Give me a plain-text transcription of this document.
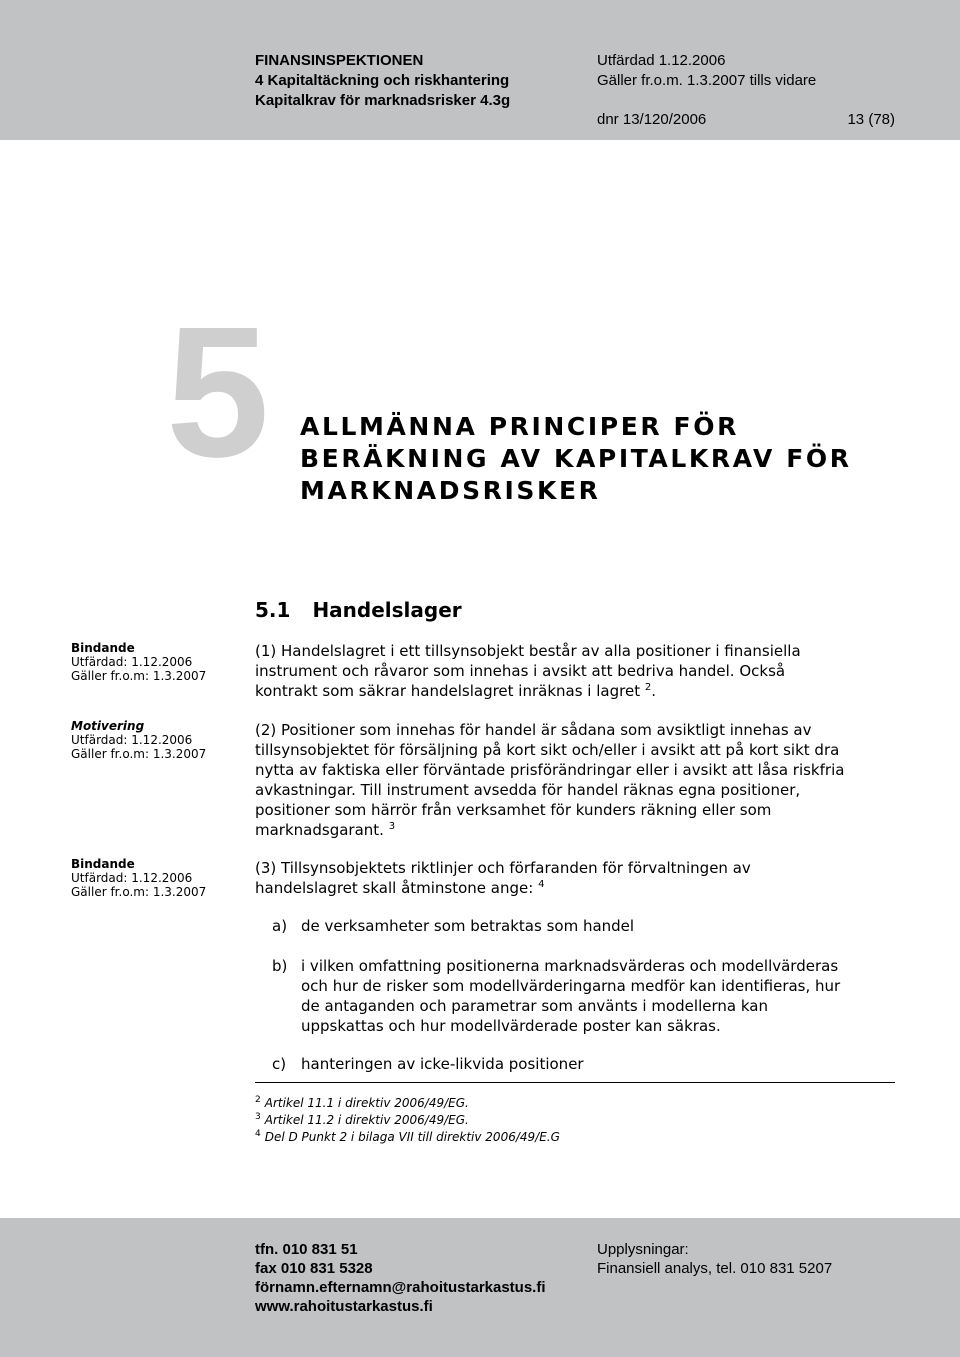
FINANSINSPEKTIONEN
4 Kapitaltäckning och riskhantering
Kapitalkrav för marknadsrisker 4.3g
Utfärdad 1.12.2006
Gäller fr.o.m. 1.3.2007 tills vidare
dnr 13/120/2006	13 (78)
5 ALLMÄNNA PRINCIPER FÖR
BERÄKNING AV KAPITALKRAV FÖR
MARKNADSRISKER
5.1 Handelslager
Bindande
Utfärdad: 1.12.2006
Gäller fr.o.m: 1.3.2007
Motivering
Utfärdad: 1.12.2006
Gäller fr.o.m: 1.3.2007
Bindande
Utfärdad: 1.12.2006
Gäller fr.o.m: 1.3.2007
(1) Handelslagret i ett tillsynsobjekt består av alla positioner i finansiella
instrument och råvaror som innehas i avsikt att bedriva handel. Också
kontrakt som säkrar handelslagret inräknas i lagret $^2$.
(2) Positioner som innehas för handel är sådana som avsiktligt innehas av
tillsynsobjektet för försäljning på kort sikt och/eller i avsikt att på kort sikt dra
nytta av faktiska eller förväntade prisförändringar eller i avsikt att låsa riskfria
avkastningar. Till instrument avsedda för handel räknas egna positioner,
positioner som härrör från verksamhet för kunders räkning eller som
marknadsgarant. $^3$
(3) Tillsynsobjektets riktlinjer och förfaranden för förvaltningen av
handelslagret skall åtminstone ange: $^4$
a) de verksamheter som betraktas som handel
b) i vilken omfattning positionerna marknadsvärderas och modellvärderas
och hur de risker som modellvärderingarna medför kan identifieras, hur
de antaganden och parametrar som använts i modellerna kan
uppskattas och hur modellvärderade poster kan säkras.
c) hanteringen av icke-likvida positioner
$^2$ Artikel 11.1 i direktiv 2006/49/EG.
$^3$ Artikel 11.2 i direktiv 2006/49/EG.
$^4$ Del D Punkt 2 i bilaga VII till direktiv 2006/49/E.G
tfn. 010 831 51
fax 010 831 5328
förnamn.efternamn@rahoitustarkastus.fi
www.rahoitustarkastus.fi
Upplysningar:
Finansiell analys, tel. 010 831 5207
